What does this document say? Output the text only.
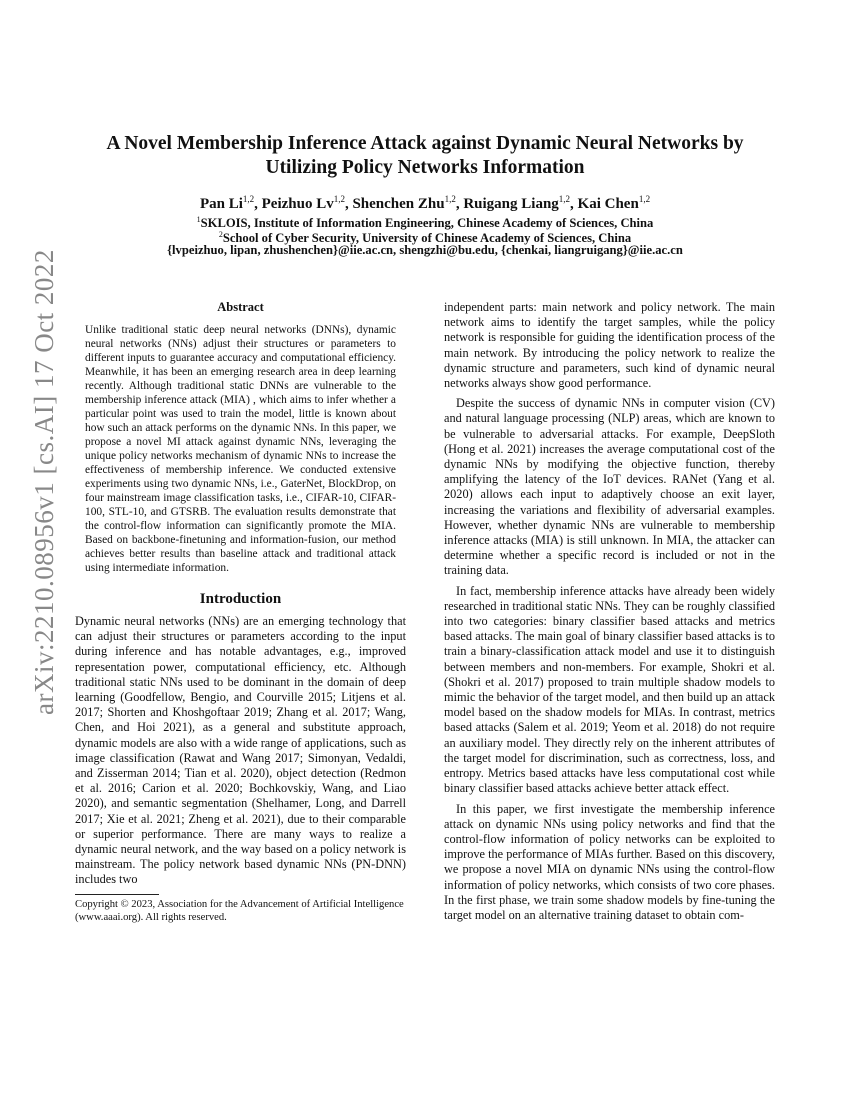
A Novel Membership Inference Attack against Dynamic Neural Networks by Utilizing Policy Networks Information
Pan Li$^{1,2}$, Peizhuo Lv$^{1,2}$, Shenchen Zhu$^{1,2}$, Ruigang Liang$^{1,2}$, Kai Chen$^{1,2}$
$^1$SKLOIS, Institute of Information Engineering, Chinese Academy of Sciences, China
$^2$School of Cyber Security, University of Chinese Academy of Sciences, China
{lvpeizhuo, lipan, zhushenchen}@iie.ac.cn, shengzhi@bu.edu, {chenkai, liangruigang}@iie.ac.cn
arXiv:2210.08956v1 [cs.AI] 17 Oct 2022	Abstract

Unlike traditional static deep neural networks (DNNs), dynamic neural networks (NNs) adjust their structures or parameters to different inputs to guarantee accuracy and computational efficiency. Meanwhile, it has been an emerging research area in deep learning recently. Although traditional static DNNs are vulnerable to the membership inference attack (MIA) , which aims to infer whether a particular point was used to train the model, little is known about how such an attack performs on the dynamic NNs. In this paper, we propose a novel MI attack against dynamic NNs, leveraging the unique policy networks mechanism of dynamic NNs to increase the effectiveness of membership inference. We conducted extensive experiments using two dynamic NNs, i.e., GaterNet, BlockDrop, on four mainstream image classification tasks, i.e., CIFAR-10, CIFAR-100, STL-10, and GTSRB. The evaluation results demonstrate that the control-flow information can significantly promote the MIA. Based on backbone-finetuning and information-fusion, our method achieves better results than baseline attack and traditional attack using intermediate information.

Introduction

Dynamic neural networks (NNs) are an emerging technology that can adjust their structures or parameters according to the input during inference and has notable advantages, e.g., improved representation power, computational efficiency, etc. Although traditional static NNs used to be dominant in the domain of deep learning (Goodfellow, Bengio, and Courville 2015; Litjens et al. 2017; Shorten and Khoshgoftaar 2019; Zhang et al. 2017; Wang, Chen, and Hoi 2021), as a general and substitute approach, dynamic models are also with a wide range of applications, such as image classification (Rawat and Wang 2017; Simonyan, Vedaldi, and Zisserman 2014; Tian et al. 2020), object detection (Redmon et al. 2016; Carion et al. 2020; Bochkovskiy, Wang, and Liao 2020), and semantic segmentation (Shelhamer, Long, and Darrell 2017; Xie et al. 2021; Zheng et al. 2021), due to their comparable or superior performance. There are many ways to realize a dynamic neural network, and the way based on a policy network is mainstream. The policy network based dynamic NNs (PN-DNN) includes two

Copyright © 2023, Association for the Advancement of Artificial Intelligence (www.aaai.org). All rights reserved.

independent parts: main network and policy network. The main network aims to identify the target samples, while the policy network is responsible for guiding the identification process of the main network. By introducing the policy network to realize the dynamic structure and parameters, such kind of dynamic neural networks always show good performance.

Despite the success of dynamic NNs in computer vision (CV) and natural language processing (NLP) areas, which are known to be vulnerable to adversarial attacks. For example, DeepSloth (Hong et al. 2021) increases the average computational cost of the dynamic NNs by modifying the objective function, thereby amplifying the latency of the IoT devices. RANet (Yang et al. 2020) allows each input to adaptively choose an exit layer, increasing the variations and flexibility of adversarial examples. However, whether dynamic NNs are vulnerable to membership inference attacks (MIA) is still unknown. In MIA, the attacker can determine whether a specific record is included or not in the training data.

In fact, membership inference attacks have already been widely researched in traditional static NNs. They can be roughly classified into two categories: binary classifier based attacks and metrics based attacks. The main goal of binary classifier based attacks is to train a binary-classification attack model and use it to distinguish between members and non-members. For example, Shokri et al. (Shokri et al. 2017) proposed to train multiple shadow models to mimic the behavior of the target model, and then build up an attack model based on the shadow models for MIAs. In contrast, metrics based attacks (Salem et al. 2019; Yeom et al. 2018) do not require an auxiliary model. They directly rely on the inherent attributes of the target model for discrimination, such as correctness, loss, and entropy. Metrics based attacks have less computational cost while binary classifier based attacks achieve better attack effect.

In this paper, we first investigate the membership inference attack on dynamic NNs using policy networks and find that the control-flow information of policy networks can be exploited to improve the performance of MIAs further. Based on this discovery, we propose a novel MIA on dynamic NNs using the control-flow information of policy networks, which consists of two core phases. In the first phase, we train some shadow models by fine-tuning the target model on an alternative training dataset to obtain com-
